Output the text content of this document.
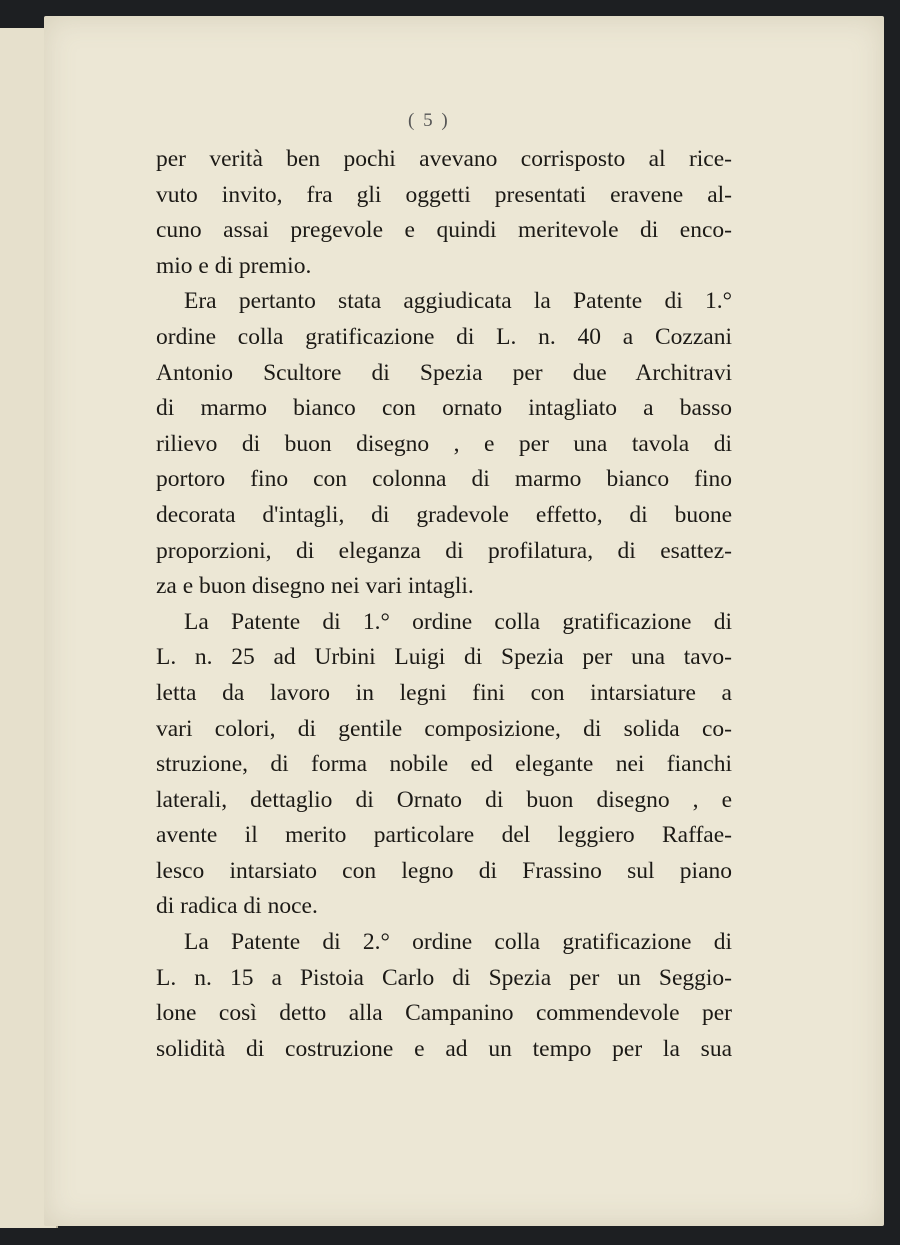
( 5 )
per verità ben pochi avevano corrisposto al rice-
vuto invito, fra gli oggetti presentati eravene al-
cuno assai pregevole e quindi meritevole di enco-
mio e di premio.
Era pertanto stata aggiudicata la Patente di 1.°
ordine colla gratificazione di L. n. 40 a Cozzani
Antonio Scultore di Spezia per due Architravi
di marmo bianco con ornato intagliato a basso
rilievo di buon disegno , e per una tavola di
portoro fino con colonna di marmo bianco fino
decorata d'intagli, di gradevole effetto, di buone
proporzioni, di eleganza di profilatura, di esattez-
za e buon disegno nei vari intagli.
La Patente di 1.° ordine colla gratificazione di
L. n. 25 ad Urbini Luigi di Spezia per una tavo-
letta da lavoro in legni fini con intarsiature a
vari colori, di gentile composizione, di solida co-
struzione, di forma nobile ed elegante nei fianchi
laterali, dettaglio di Ornato di buon disegno , e
avente il merito particolare del leggiero Raffae-
lesco intarsiato con legno di Frassino sul piano
di radica di noce.
La Patente di 2.° ordine colla gratificazione di
L. n. 15 a Pistoia Carlo di Spezia per un Seggio-
lone così detto alla Campanino commendevole per
solidità di costruzione e ad un tempo per la sua
